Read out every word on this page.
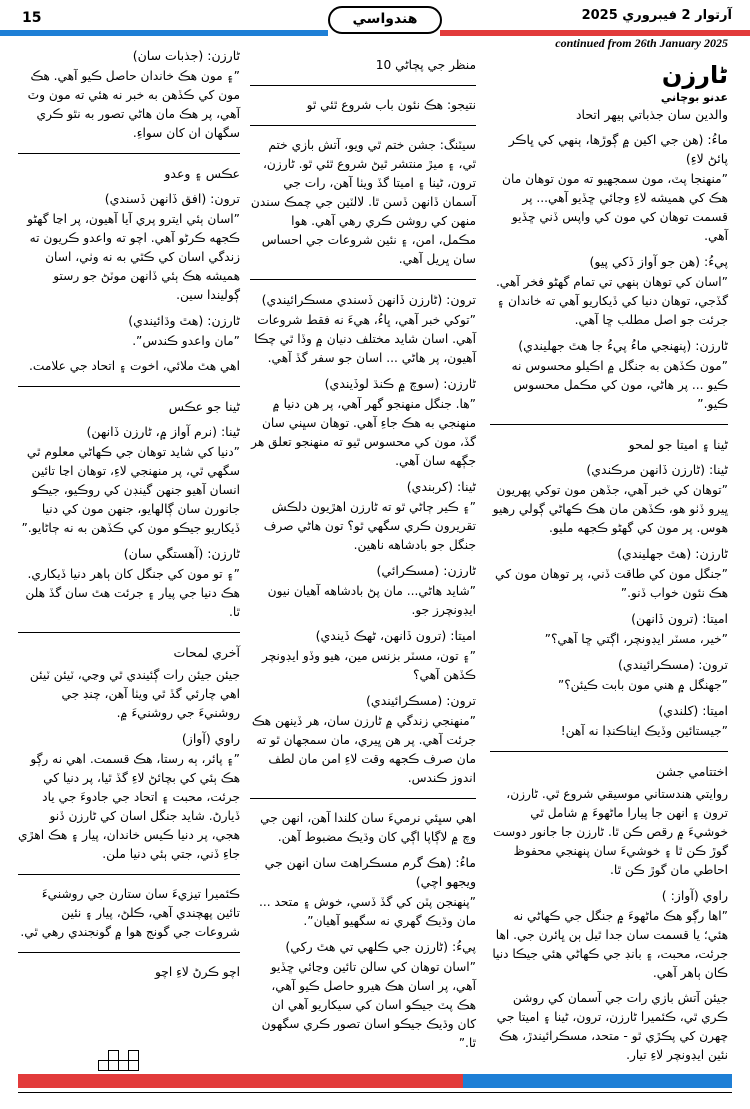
15	هندواسي	آرتوار 2 فيبروري 2025
continued from 26th January 2025
ٹارزن
عدنو بوچاني
والدين سان جذباتي ٻيهر اتحاد
ماءُ: (هن جي اکين ۾ ڳوڙها، ٻنهي کي ڀاڪر پائڻ لاءِ)
”منهنجا پٽ، مون سمجهيو ته مون توهان مان هڪ کي هميشه لاءِ وڃائي ڇڏيو آهي... پر قسمت توهان کي مون کي واپس ڏني ڇڏيو آهي.
پيءُ: (هن جو آواز ڏکي پيو)
”اسان کي توهان ٻنهي تي تمام گهڻو فخر آهي. گڏجي، توهان دنيا کي ڏيکاريو آهي ته خاندان ۽ جرئت جو اصل مطلب ڇا آهي.
ٹارزن: (پنهنجي ماءُ پيءُ جا هٿ جهليندي)
”مون ڪڏهن به جنگل ۾ اڪيلو محسوس نه ڪيو ... پر هاڻي، مون کي مڪمل محسوس ڪيو.”
ٹينا ۽ اميتا جو لمحو
ٹينا: (ٹارزن ڏانهن مرڪندي)
”توهان کي خبر آهي، جڏهن مون توکي پهريون ڀيرو ڏٺو هو، ڪڏهن مان هڪ ڪهاڻي ڳولي رهيو هوس. پر مون کي گهڻو ڪجهه مليو.
ٹارزن: (هٿ جهليندي)
”جنگل مون کي طاقت ڏني، پر توهان مون کي هڪ نئون خواب ڏنو.”
اميتا: (ترون ڏانهن)
”خير، مسٽر ايڊونچر، اڳتي ڇا آهي؟”
ترون: (مسڪرائيندي)
”جهنگل ۾ هني مون بابت ڪيئن؟”
اميتا: (کلندي)
”جيستائين وڏيڪ ايناڪنڊا نه آهن!
اختتامي جشن
روايتي هندستاني موسيقي شروع ٿي. ٹارزن، ترون ۽ انهن جا پيارا ماڻهوءَ ۾ شامل ٿي خوشيءَ ۾ رقص ڪن ٿا. ٹارزن جا جانور دوست گوڙ ڪن ٿا ۽ خوشيءَ سان پنهنجي محفوظ احاطي مان گوڙ ڪن ٿا.
راوي (آواز: )
”اها رڳو هڪ ماڻهوءَ ۾ جنگل جي ڪهاڻي نه هئي؛ يا قسمت سان جدا ٿيل ٻن ڀائرن جي. اها جرئت، محبت، ۽ بانڊ جي ڪهاڻي هئي جيڪا دنيا ڪان ٻاهر آهي.
جيئن آتش بازي رات جي آسمان کي روشن ڪري ٿي، ڪئميرا ٹارزن، ترون، ٹينا ۽ اميتا جي چهرن کي پڪڙي ٿو - متحد، مسڪرائيندڙ، هڪ نئين ايڊونچر لاءِ تيار.
منظر جي پڄاڻي 10
نتيجو: هڪ نئون باب شروع ٿئي ٿو
سيٽنگ: جشن ختم ٿي ويو، آتش بازي ختم ٿي، ۽ ميڙ منتشر ٿيڻ شروع ٿئي ٿو. ٹارزن، ترون، ٹينا ۽ اميتا گڏ ويٺا آهن، رات جي آسمان ڏانهن ڏسن ٿا. لالٽين جي چمڪ سندن منهن کي روشن ڪري رهي آهي. هوا مڪمل، امن، ۽ نئين شروعات جي احساس سان ڀريل آهي.
ترون: (ٹارزن ڏانهن ڏسندي مسڪرائيندي)
”توکي خبر آهي، ڀاءُ، هيءَ نه فقط شروعات آهي. اسان شايد مختلف دنيان ۾ وڏا ٿي چڪا آهيون، پر هاڻي ... اسان جو سفر گڏ آهي.
ٹارزن: (سوچ ۾ ڪنڌ لوڏيندي)
”ها. جنگل منهنجو گهر آهي، پر هن دنيا ۾ منهنجي به هڪ جاءِ آهي. توهان سڀني سان گڏ، مون کي محسوس ٿيو ته منهنجو تعلق هر جڳهه سان آهي.
ٹينا: (کربندي)
”۽ ڪير ڄاڻي ٿو ته ٹارزن اهڙيون دلڪش تقريرون ڪري سگهي ٿو؟ تون هاڻي صرف جنگل جو بادشاهه ناهين.
ٹارزن: (مسڪرائي)
”شايد هاڻي... مان پڻ بادشاهه آهيان نيون ايڊونچرز جو.
اميتا: (ترون ڏانهن، ٹهڪ ڏيندي)
”۽ تون، مسٽر بزنس مين، هيو وڏو ايڊونچر ڪڏهن آهي؟
ترون: (مسڪرائيندي)
”منهنجي زندگي ۾ ٹارزن سان، هر ڏينهن هڪ جرئت آهي. پر هن ڀيري، مان سمجهان ٿو ته مان صرف ڪجهه وقت لاءِ امن مان لطف اندوز ڪندس.
اهي سڀئي نرميءَ سان کلندا آهن، انهن جي وچ ۾ لاڳاپا اڳي کان وڌيڪ مضبوط آهن.
ماءُ: (هڪ گرم مسڪراهٽ سان انهن جي ويجهو اچي)
”پنهنجن پٽن کي گڏ ڏسي، خوش ۽ متحد ... مان وڌيڪ گهري نه سگهيو آهيان”.
پيءُ: (ٹارزن جي ڪلهي تي هٿ رکي)
”اسان توهان کي سالن تائين وڃائي ڇڏيو آهي، پر اسان هڪ هيرو حاصل ڪيو آهي، هڪ پٽ جيڪو اسان کي سيکاريو آهي ان کان وڌيڪ جيڪو اسان تصور ڪري سگهون ٿا.”
ٹارزن: (جذبات سان)
”۽ مون هڪ خاندان حاصل ڪيو آهي. هڪ مون کي ڪڏهن به خبر نه هئي ته مون وٽ آهي، پر هڪ مان هاڻي تصور به نٿو ڪري سگهان ان کان سواءِ.
عڪس ۽ وعدو
ترون: (افق ڏانهن ڏسندي)
”اسان ٻئي ايترو پري آيا آهيون، پر اڃا گهڻو ڪجهه ڪرڻو آهي. اچو ته واعدو ڪريون ته زندگي اسان کي ڪٿي به نه وٺي، اسان هميشه هڪ ٻئي ڏانهن موٽڻ جو رستو ڳوليندا سين.
ٹارزن: (هٿ وڌائيندي)
”مان واعدو ڪندس”.
اهي هٿ ملائي، اخوت ۽ اتحاد جي علامت.
ٹينا جو عڪس
ٹينا: (نرم آواز ۾، ٹارزن ڏانهن)
”دنيا کي شايد توهان جي ڪهاڻي معلوم ٿي سگهي ٿي، پر منهنجي لاءِ، توهان اڃا تائين انسان آهيو جنهن گينڊن کي روڪيو، جيڪو جانورن سان ڳالهايو، جنهن مون کي دنيا ڏيکاريو جيڪو مون کي ڪڏهن به نه ڄاڻايو.”
ٹارزن: (آهستگي سان)
”۽ تو مون کي جنگل کان ٻاهر دنيا ڏيکاري. هڪ دنيا جي پيار ۽ جرئت هٿ سان گڏ هلن ٿا.
آخري لمحات
جيئن جيئن رات ڳئيندي ٿي وڃي، ٽيئن ٽيئن اهي چارئي گڏ ٿي ويٺا آهن، چنڊ جي روشنيءَ جي روشنيءَ ۾.
راوي (آواز)
”۽ پائر، ٻه رستا، هڪ قسمت. اهي نه رڳو هڪ ٻئي کي بچائڻ لاءِ گڏ ٿيا، پر دنيا کي جرئت، محبت ۽ اتحاد جي جادوءَ جي ياد ڏيارڻ. شايد جنگل اسان کي ٹارزن ڏنو هجي، پر دنيا ڪيس خاندان، پيار ۽ هڪ اهڙي جاءِ ڏني، جتي ٻئي دنيا ملن.
ڪئميرا تيزيءَ سان ستارن جي روشنيءَ تائين پهچندي آهي، ڪلڻ، پيار ۽ نئين شروعات جي گونج هوا ۾ گونجندي رهي ٿي.
اچو ڪرڻ لاءِ اچو
